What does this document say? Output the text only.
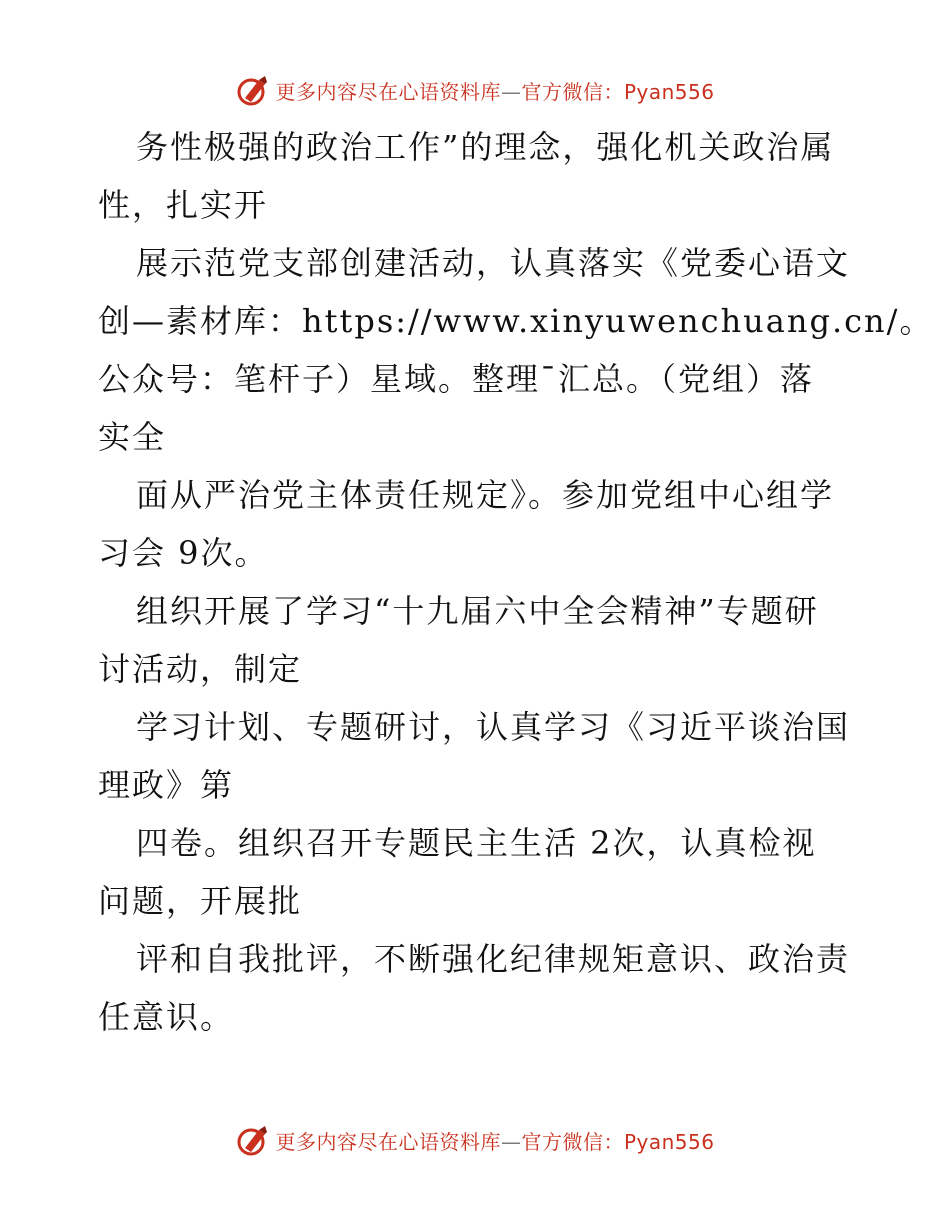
更多内容尽在心语资料库—官方微信：Pyan556
务性极强的政治工作”的理念，强化机关政治属
性，扎实开
展示范党支部创建活动，认真落实《党委心语文
创—素材库：https://www.xinyuwenchuang.cn/。
公众号：笔杆子）星域。整理¯汇总。（党组）落
实全
面从严治党主体责任规定》。参加党组中心组学
习会 9次。
组织开展了学习“十九届六中全会精神”专题研
讨活动，制定
学习计划、专题研讨，认真学习《习近平谈治国
理政》第
四卷。组织召开专题民主生活 2次，认真检视
问题，开展批
评和自我批评，不断强化纪律规矩意识、政治责
任意识。
更多内容尽在心语资料库—官方微信：Pyan556
